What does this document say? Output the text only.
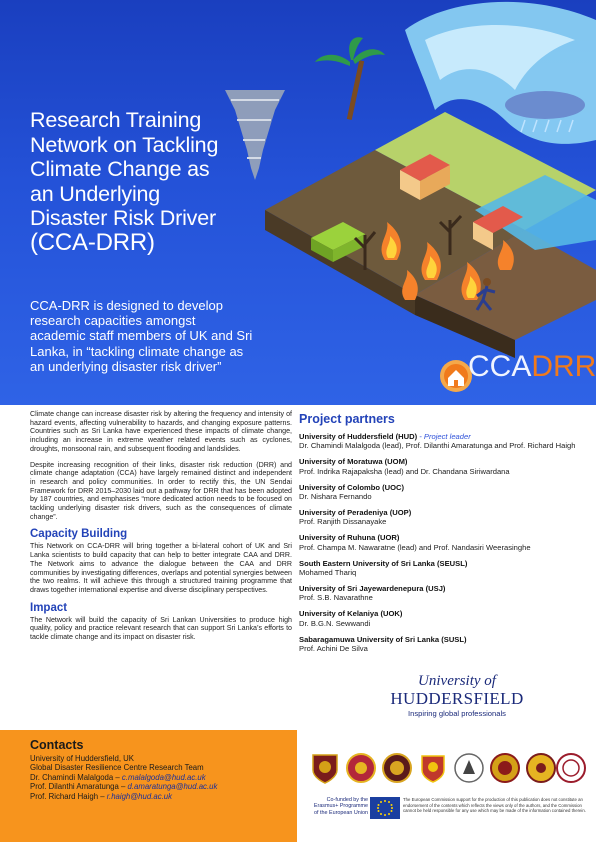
Research Training
Network on Tackling
Climate Change as
an Underlying
Disaster Risk Driver
(CCA-DRR)
CCA-DRR is designed to develop
research capacities amongst
academic staff members of UK and Sri
Lanka, in “tackling climate change as
an underlying disaster risk driver”	CCADRR

Climate change can increase disaster risk by altering the frequency and intensity of hazard events, affecting vulnerability to hazards, and changing exposure patterns. Countries such as Sri Lanka have experienced these impacts of climate change, including an increase in extreme weather related events such as cyclones, droughts, monsoonal rain, and subsequent flooding and landslides.

Despite increasing recognition of their links, disaster risk reduction (DRR) and climate change adaptation (CCA) have largely remained distinct and independent in research and policy communities. In order to rectify this, the UN Sendai Framework for DRR 2015–2030 laid out a pathway for DRR that has been adopted by 187 countries, and emphasises “more dedicated action needs to be focused on tackling underlying disaster risk drivers, such as the consequences of climate change”.

Capacity Building

This Network on CCA-DRR will bring together a bi-lateral cohort of UK and Sri Lanka scientists to build capacity that can help to better integrate CAA and DRR. The Network aims to advance the dialogue between the CAA and DRR communities by investigating differences, overlaps and potential synergies between the two realms. It will achieve this through a structured training programme that draws together international expertise and diverse disciplinary perspectives.

Impact

The Network will build the capacity of Sri Lankan Universities to produce high quality, policy and practice relevant research that can support Sri Lanka’s efforts to tackle climate change and its impact on disaster risk.

Project partners
University of Huddersfield (HUD) - Project leader
Dr. Chamindi Malalgoda (lead), Prof. Dilanthi Amaratunga and Prof. Richard Haigh
University of Moratuwa (UOM)
Prof. Indrika Rajapaksha (lead) and Dr. Chandana Siriwardana
University of Colombo (UOC)
Dr. Nishara Fernando
University of Peradeniya (UOP)
Prof. Ranjith Dissanayake
University of Ruhuna (UOR)
Prof. Champa M. Nawaratne (lead) and Prof. Nandasiri Weerasinghe
South Eastern University of Sri Lanka (SEUSL)
Mohamed Thariq
University of Sri Jayewardenepura (USJ)
Prof. S.B. Navarathne
University of Kelaniya (UOK)
Dr. B.G.N. Sewwandi
Sabaragamuwa University of Sri Lanka (SUSL)
Prof. Achini De Silva
Contacts
University of Huddersfield, UK
Global Disaster Resilience Centre Research Team
Dr. Chamindi Malalgoda – c.malalgoda@hud.ac.uk
Prof. Dilanthi Amaratunga – d.amaratunga@hud.ac.uk
Prof. Richard Haigh – r.haigh@hud.ac.uk
University of
HUDDERSFIELD
Inspiring global professionals
Co-funded by the Erasmus+ Programme of the European Union
The European Commission support for the production of this publication does not constitute an endorsement of the contents which reflects the views only of the authors, and the Commission cannot be held responsible for any use which may be made of the information contained therein.
